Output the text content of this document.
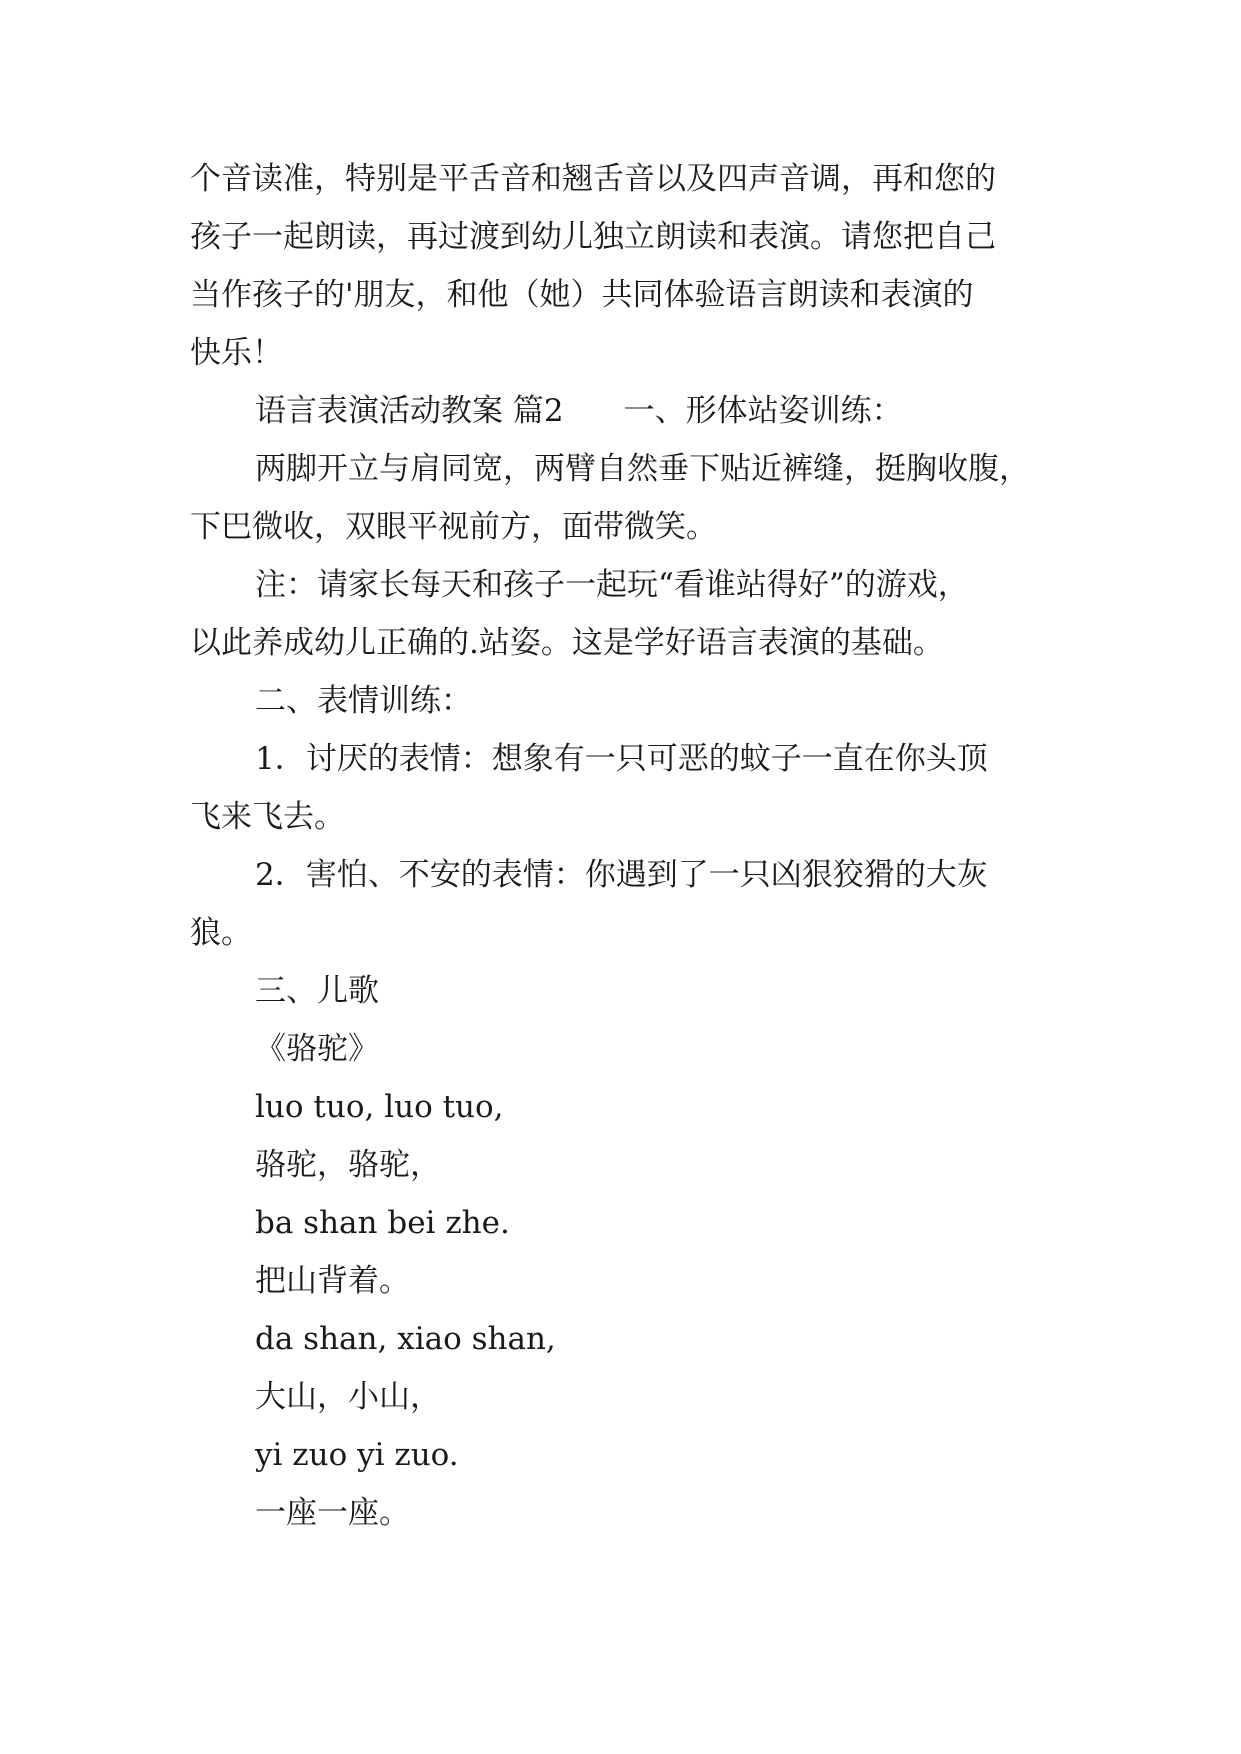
个音读准，特别是平舌音和翘舌音以及四声音调，再和您的

孩子一起朗读，再过渡到幼儿独立朗读和表演。请您把自己

当作孩子的'朋友，和他（她）共同体验语言朗读和表演的

快乐！

语言表演活动教案 篇2 一、形体站姿训练：

两脚开立与肩同宽，两臂自然垂下贴近裤缝，挺胸收腹，

下巴微收，双眼平视前方，面带微笑。

注：请家长每天和孩子一起玩“看谁站得好”的游戏，

以此养成幼儿正确的.站姿。这是学好语言表演的基础。

二、表情训练：

1．讨厌的表情：想象有一只可恶的蚊子一直在你头顶

飞来飞去。

2．害怕、不安的表情：你遇到了一只凶狠狡猾的大灰

狼。

三、儿歌

《骆驼》

luo tuo, luo tuo,

骆驼，骆驼，

ba shan bei zhe.

把山背着。

da shan, xiao shan,

大山，小山，

yi zuo yi zuo.

一座一座。
